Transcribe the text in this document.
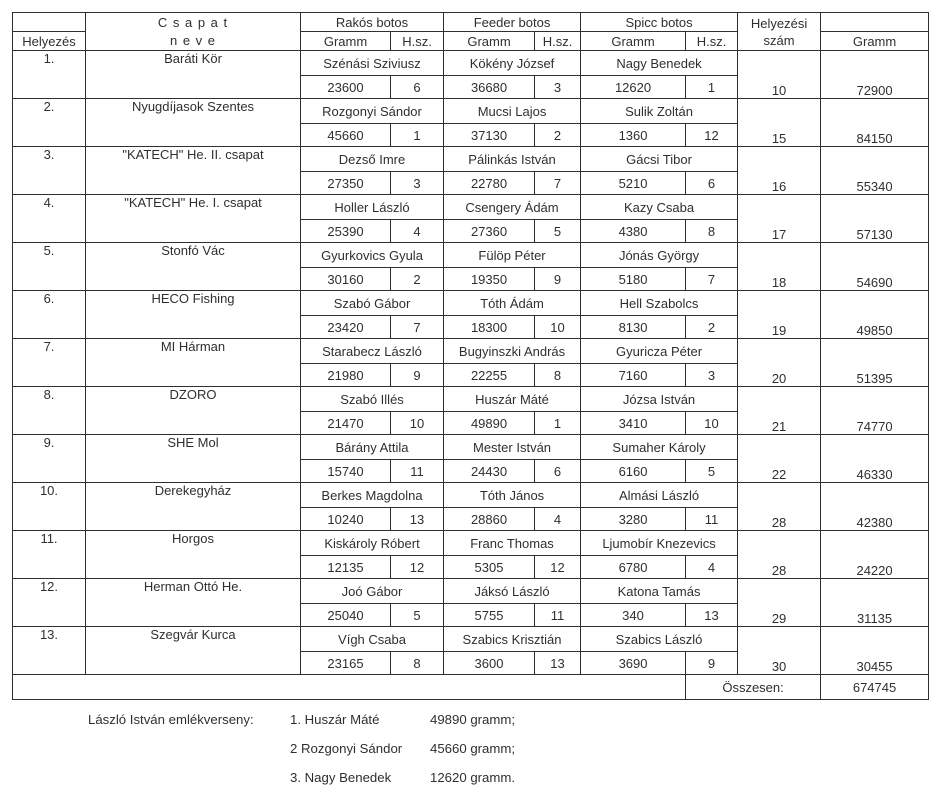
C s a p a t
n e v e
	Rakós botos	Feeder botos	Spicc botos	Helyezési
szám

Helyezés		Gramm	H.sz.	Gramm	H.sz.	Gramm	H.sz.		Gramm
1.	Baráti Kör	Szénási Sziviusz		Kökény József		Nagy Benedek		10	72900
		23600	6	36680	3	12620	1		
2.	Nyugdíjasok Szentes	Rozgonyi Sándor		Mucsi Lajos		Sulik Zoltán		15	84150
		45660	1	37130	2	1360	12		
3.	"KATECH" He. II. csapat	Dezső Imre		Pálinkás István		Gácsi Tibor		16	55340
		27350	3	22780	7	5210	6		
4.	"KATECH" He. I. csapat	Holler László		Csengery Ádám		Kazy Csaba		17	57130
		25390	4	27360	5	4380	8		
5.	Stonfó Vác	Gyurkovics Gyula		Fülöp Péter		Jónás György		18	54690
		30160	2	19350	9	5180	7		
6.	HECO Fishing	Szabó Gábor		Tóth Ádám		Hell Szabolcs		19	49850
		23420	7	18300	10	8130	2		
7.	MI Hárman	Starabecz László		Bugyinszki András		Gyuricza Péter		20	51395
		21980	9	22255	8	7160	3		
8.	DZORO	Szabó Illés		Huszár Máté		Józsa István		21	74770
		21470	10	49890	1	3410	10		
9.	SHE Mol	Bárány Attila		Mester István		Sumaher Károly		22	46330
		15740	11	24430	6	6160	5		
10.	Derekegyház	Berkes Magdolna		Tóth János		Almási László		28	42380
		10240	13	28860	4	3280	11		
11.	Horgos	Kiskároly Róbert		Franc Thomas		Ljumobír Knezevics		28	24220
		12135	12	5305	12	6780	4		
12.	Herman Ottó He.	Joó Gábor		Jáksó László		Katona Tamás		29	31135
		25040	5	5755	11	340	13		
13.	Szegvár Kurca	Vígh Csaba		Szabics Krisztián		Szabics László		30	30455
		23165	8	3600	13	3690	9		
							Összesen:		674745
László István emlékverseny:	1. Huszár Máté	49890 gramm;
2 Rozgonyi Sándor	45660 gramm;
3. Nagy Benedek	12620 gramm.
